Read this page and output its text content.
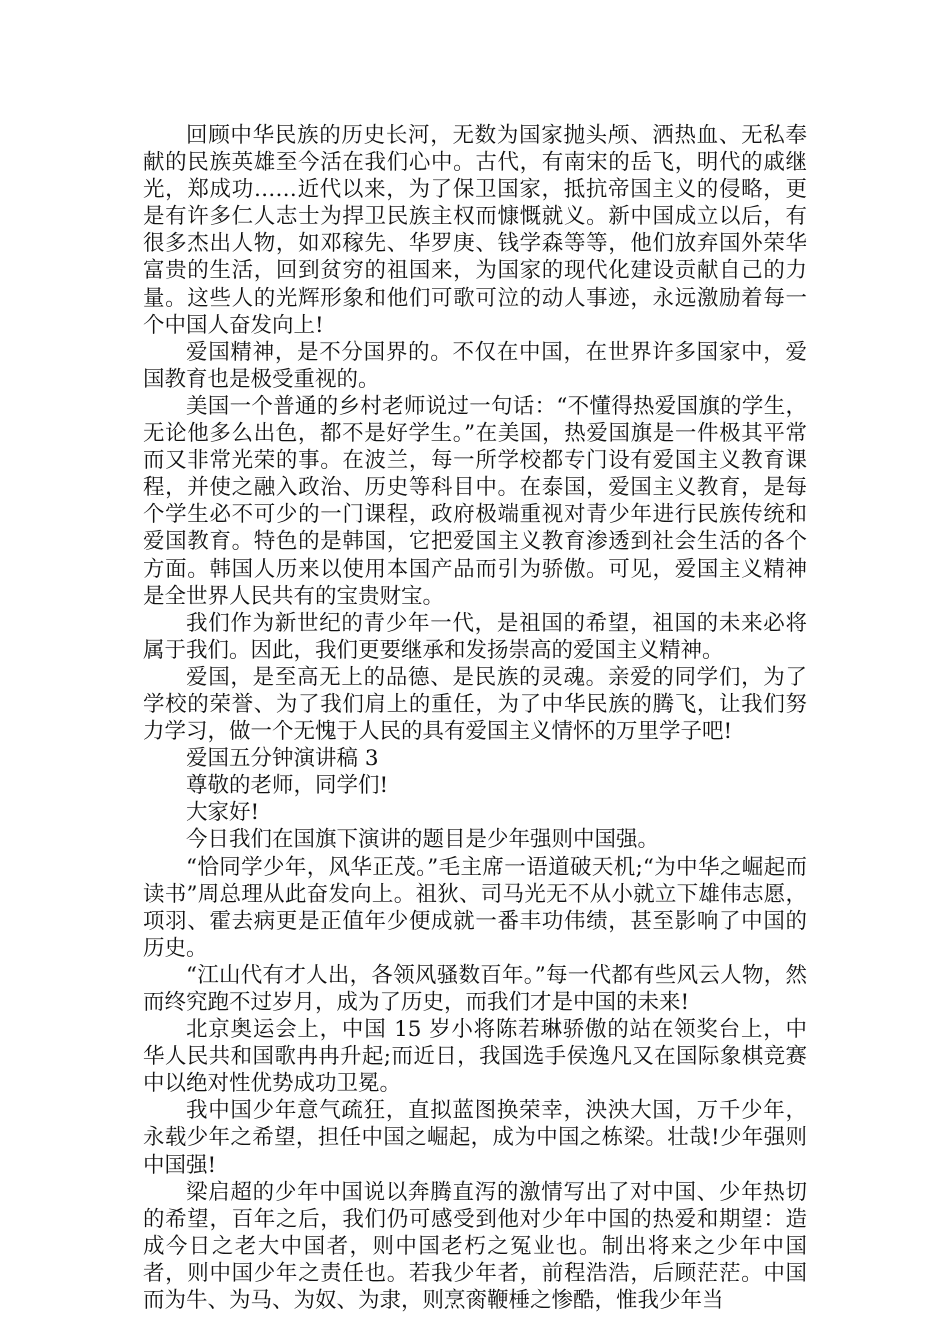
回顾中华民族的历史长河，无数为国家抛头颅、洒热血、无私奉献的民族英雄至今活在我们心中。古代，有南宋的岳飞，明代的戚继光，郑成功……近代以来，为了保卫国家，抵抗帝国主义的侵略，更是有许多仁人志士为捍卫民族主权而慷慨就义。新中国成立以后，有很多杰出人物，如邓稼先、华罗庚、钱学森等等，他们放弃国外荣华富贵的生活，回到贫穷的祖国来，为国家的现代化建设贡献自己的力量。这些人的光辉形象和他们可歌可泣的动人事迹，永远激励着每一个中国人奋发向上!

爱国精神，是不分国界的。不仅在中国，在世界许多国家中，爱国教育也是极受重视的。

美国一个普通的乡村老师说过一句话：“不懂得热爱国旗的学生，无论他多么出色，都不是好学生。”在美国，热爱国旗是一件极其平常而又非常光荣的事。在波兰，每一所学校都专门设有爱国主义教育课程，并使之融入政治、历史等科目中。在泰国，爱国主义教育，是每个学生必不可少的一门课程，政府极端重视对青少年进行民族传统和爱国教育。特色的是韩国，它把爱国主义教育渗透到社会生活的各个方面。韩国人历来以使用本国产品而引为骄傲。可见，爱国主义精神是全世界人民共有的宝贵财宝。

我们作为新世纪的青少年一代，是祖国的希望，祖国的未来必将属于我们。因此，我们更要继承和发扬崇高的爱国主义精神。

爱国，是至高无上的品德、是民族的灵魂。亲爱的同学们，为了学校的荣誉、为了我们肩上的重任，为了中华民族的腾飞，让我们努力学习，做一个无愧于人民的具有爱国主义情怀的万里学子吧!

爱国五分钟演讲稿 3

尊敬的老师，同学们!

大家好!

今日我们在国旗下演讲的题目是少年强则中国强。

“恰同学少年，风华正茂。”毛主席一语道破天机;“为中华之崛起而读书”周总理从此奋发向上。祖狄、司马光无不从小就立下雄伟志愿，项羽、霍去病更是正值年少便成就一番丰功伟绩，甚至影响了中国的历史。

“江山代有才人出，各领风骚数百年。”每一代都有些风云人物，然而终究跑不过岁月，成为了历史，而我们才是中国的未来!

北京奥运会上，中国 15 岁小将陈若琳骄傲的站在领奖台上，中华人民共和国歌冉冉升起;而近日，我国选手侯逸凡又在国际象棋竞赛中以绝对性优势成功卫冕。

我中国少年意气疏狂，直拟蓝图换荣幸，泱泱大国，万千少年，永载少年之希望，担任中国之崛起，成为中国之栋梁。壮哉!少年强则中国强!

梁启超的少年中国说以奔腾直泻的激情写出了对中国、少年热切的希望，百年之后，我们仍可感受到他对少年中国的热爱和期望：造成今日之老大中国者，则中国老朽之冤业也。制出将来之少年中国者，则中国少年之责任也。若我少年者，前程浩浩，后顾茫茫。中国而为牛、为马、为奴、为隶，则烹脔鞭棰之惨酷，惟我少年当
